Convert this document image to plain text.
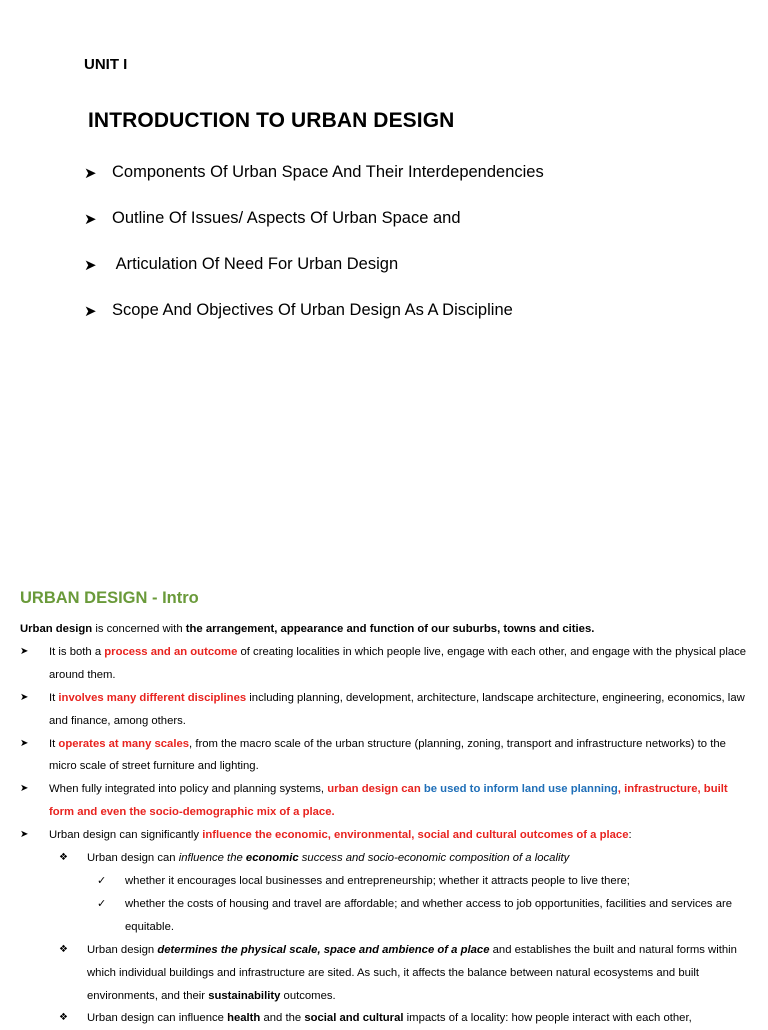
UNIT I
INTRODUCTION TO URBAN DESIGN
➤ Components Of Urban Space And Their Interdependencies
➤ Outline Of Issues/ Aspects Of Urban Space and
➤ Articulation Of Need For Urban Design
➤ Scope And Objectives Of Urban Design As A Discipline
URBAN DESIGN - Intro

Urban design is concerned with the arrangement, appearance and function of our suburbs, towns and cities.

➤ It is both a process and an outcome of creating localities in which people live, engage with each other, and engage with the physical place around them.
➤ It involves many different disciplines including planning, development, architecture, landscape architecture, engineering, economics, law and finance, among others.
➤ It operates at many scales, from the macro scale of the urban structure (planning, zoning, transport and infrastructure networks) to the micro scale of street furniture and lighting.
➤ When fully integrated into policy and planning systems, urban design can be used to inform land use planning, infrastructure, built form and even the socio-demographic mix of a place.
➤ Urban design can significantly influence the economic, environmental, social and cultural outcomes of a place:
❖ Urban design can influence the economic success and socio-economic composition of a locality
✓ whether it encourages local businesses and entrepreneurship; whether it attracts people to live there;
✓ whether the costs of housing and travel are affordable; and whether access to job opportunities, facilities and services are equitable.
❖ Urban design determines the physical scale, space and ambience of a place and establishes the built and natural forms within which individual buildings and infrastructure are sited. As such, it affects the balance between natural ecosystems and built environments, and their sustainability outcomes.
❖ Urban design can influence health and the social and cultural impacts of a locality: how people interact with each other,
